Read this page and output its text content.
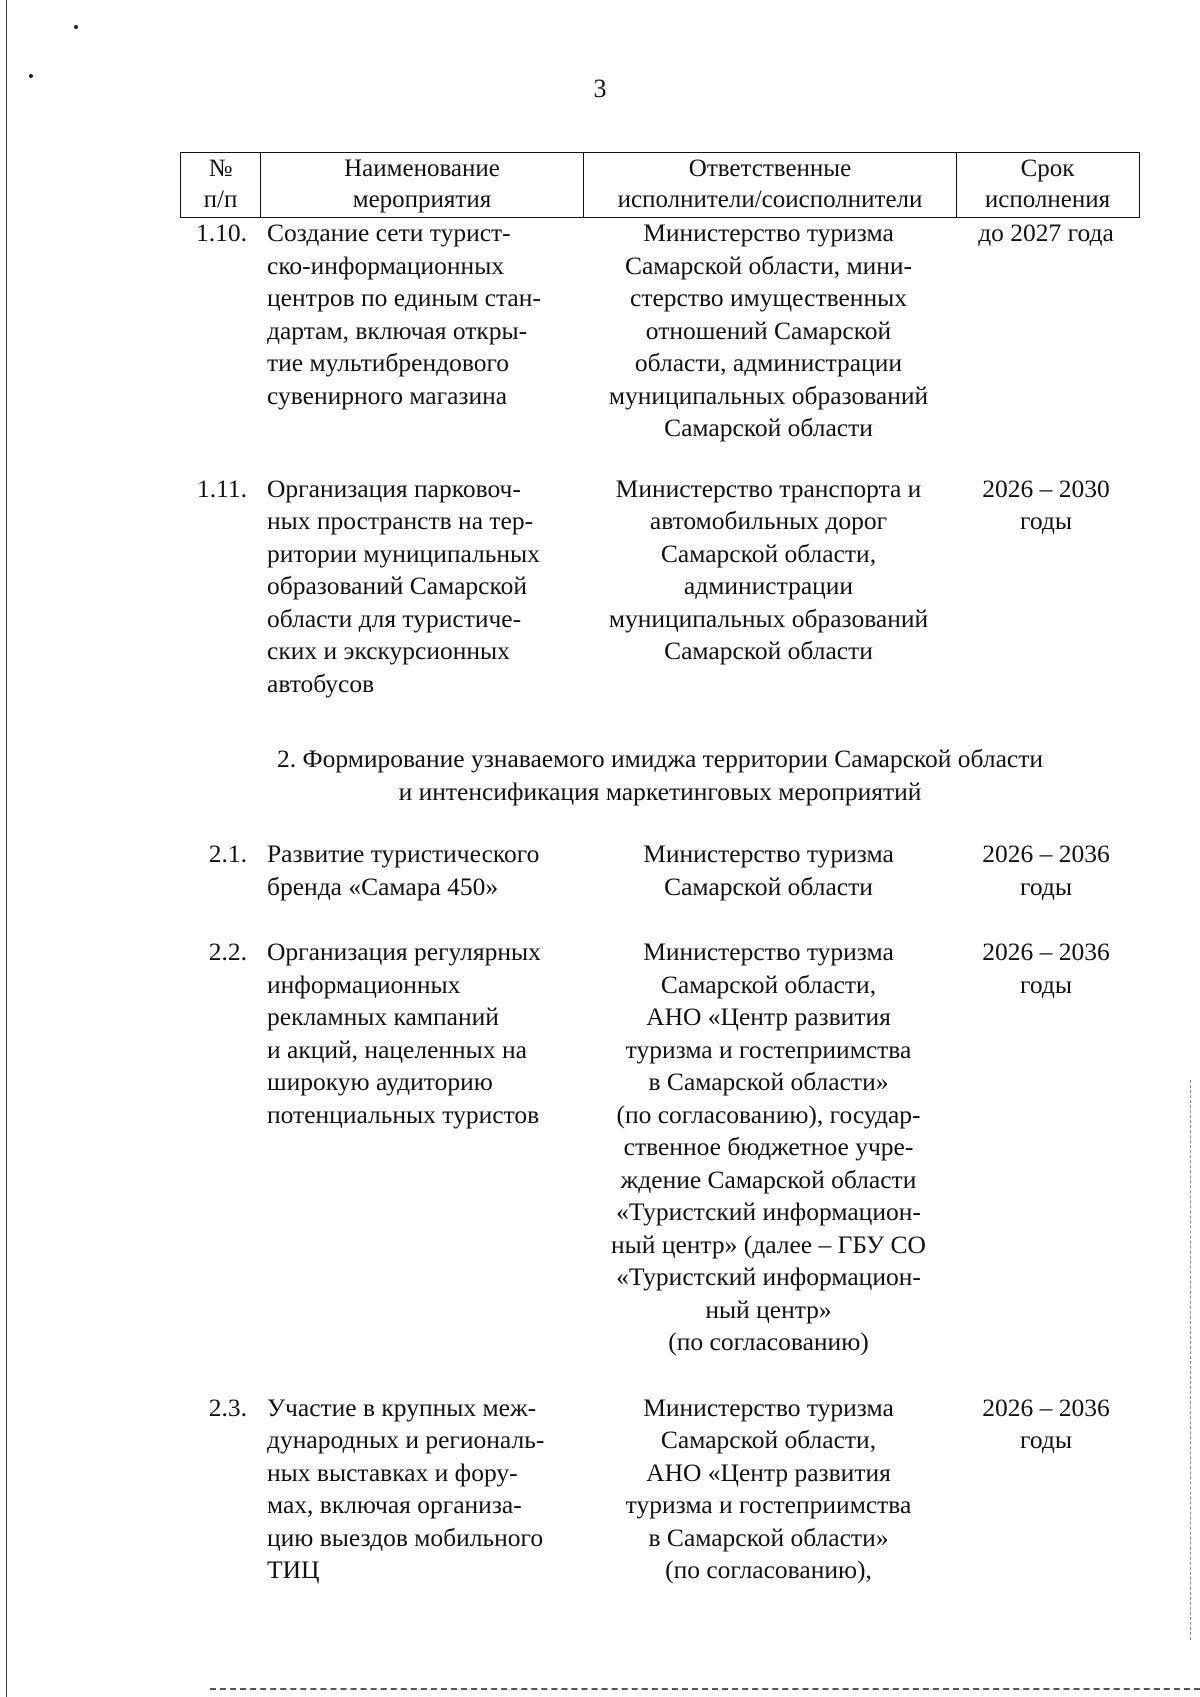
3
№
п/п
Наименование
мероприятия
Ответственные
исполнители/соисполнители
Срок
исполнения
1.10. Создание сети турист-
ско-информационных
центров по единым стан-
дартам, включая откры-
тие мультибрендового
сувенирного магазина
Министерство туризма
Самарской области, мини-
стерство имущественных
отношений Самарской
области, администрации
муниципальных образований
Самарской области
до 2027 года
1.11. Организация парковоч-
ных пространств на тер-
ритории муниципальных
образований Самарской
области для туристиче-
ских и экскурсионных
автобусов
Министерство транспорта и
автомобильных дорог
Самарской области,
администрации
муниципальных образований
Самарской области
2026 – 2030
годы
2. Формирование узнаваемого имиджа территории Самарской области
и интенсификация маркетинговых мероприятий
2.1. Развитие туристического
бренда «Самара 450»
Министерство туризма
Самарской области
2026 – 2036
годы
2.2. Организация регулярных
информационных
рекламных кампаний
и акций, нацеленных на
широкую аудиторию
потенциальных туристов
Министерство туризма
Самарской области,
АНО «Центр развития
туризма и гостеприимства
в Самарской области»
(по согласованию), государ-
ственное бюджетное учре-
ждение Самарской области
«Туристский информацион-
ный центр» (далее – ГБУ СО
«Туристский информацион-
ный центр»
(по согласованию)
2026 – 2036
годы
2.3. Участие в крупных меж-
дународных и региональ-
ных выставках и фору-
мах, включая организа-
цию выездов мобильного
ТИЦ
Министерство туризма
Самарской области,
АНО «Центр развития
туризма и гостеприимства
в Самарской области»
(по согласованию),
2026 – 2036
годы
